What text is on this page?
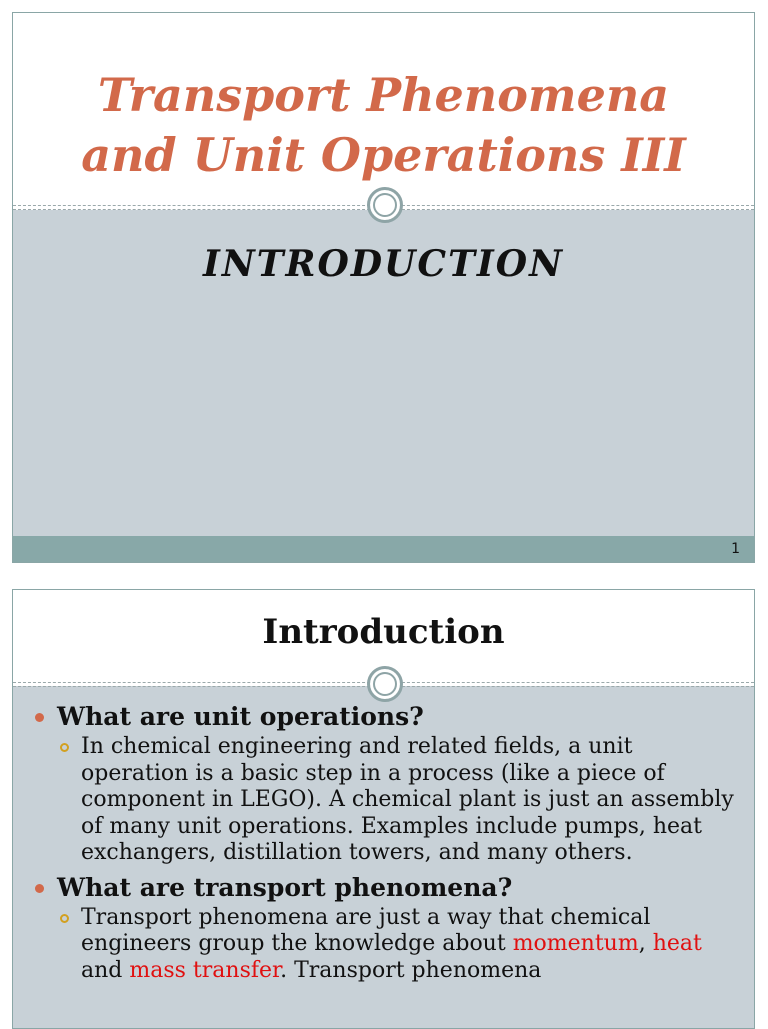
Transport Phenomena
and Unit Operations III
INTRODUCTION
1
Introduction
What are unit operations?
In chemical engineering and related fields, a unit operation is a basic step in a process (like a piece of component in LEGO). A chemical plant is just an assembly of many unit operations. Examples include pumps, heat exchangers, distillation towers, and many others.
What are transport phenomena?
Transport phenomena are just a way that chemical engineers group the knowledge about momentum, heat and mass transfer. Transport phenomena
